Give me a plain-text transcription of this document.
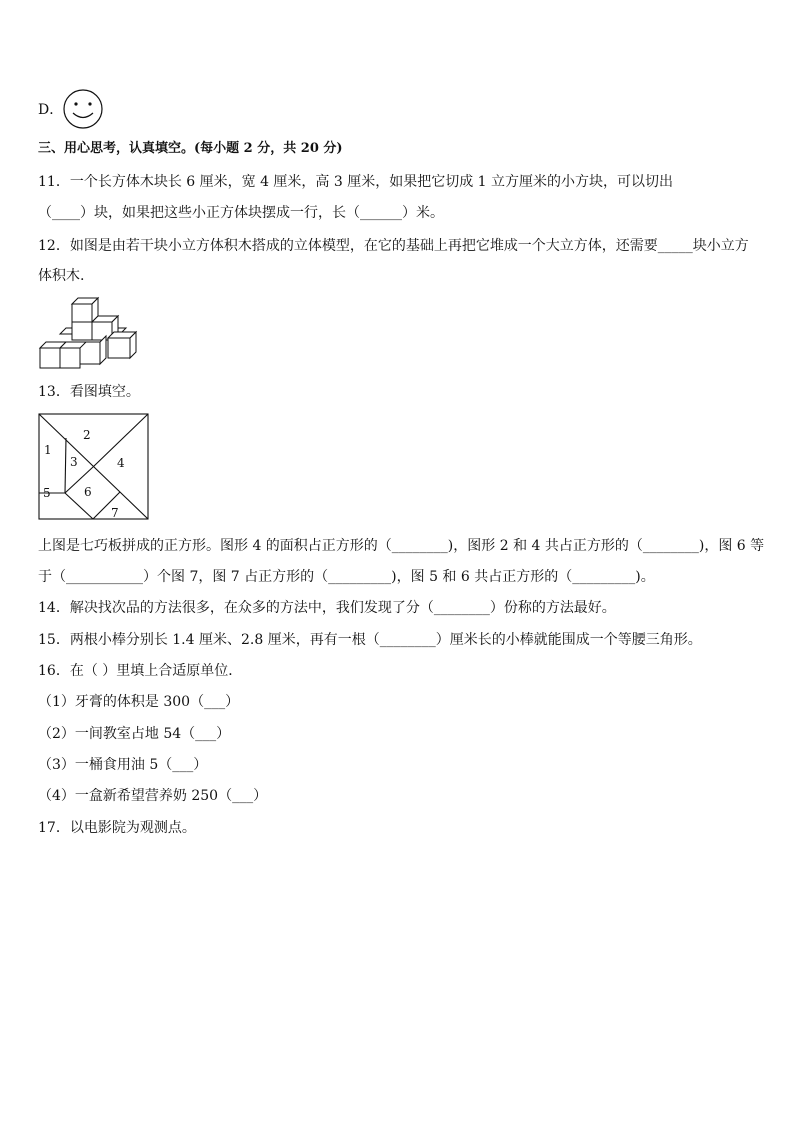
D．
三、用心思考，认真填空。(每小题 2 分，共 20 分)
11．一个长方体木块长 6 厘米，宽 4 厘米，高 3 厘米，如果把它切成 1 立方厘米的小方块，可以切出
（____）块，如果把这些小正方体块摆成一行，长（______）米。
12．如图是由若干块小立方体积木搭成的立体模型，在它的基础上再把它堆成一个大立方体，还需要_____块小立方
体积木.
13．看图填空。
1
2
3	4
5	6
7
上图是七巧板拼成的正方形。图形 4 的面积占正方形的（________)，图形 2 和 4 共占正方形的（________)，图 6 等
于（___________）个图 7，图 7 占正方形的（_________)，图 5 和 6 共占正方形的（_________)。
14．解决找次品的方法很多，在众多的方法中，我们发现了分（________）份称的方法最好。
15．两根小棒分别长 1.4 厘米、2.8 厘米，再有一根（________）厘米长的小棒就能围成一个等腰三角形。
16．在（ ）里填上合适原单位．
（1）牙膏的体积是 300（___）
（2）一间教室占地 54（___）
（3）一桶食用油 5（___）
（4）一盒新希望营养奶 250（___）
17．以电影院为观测点。
